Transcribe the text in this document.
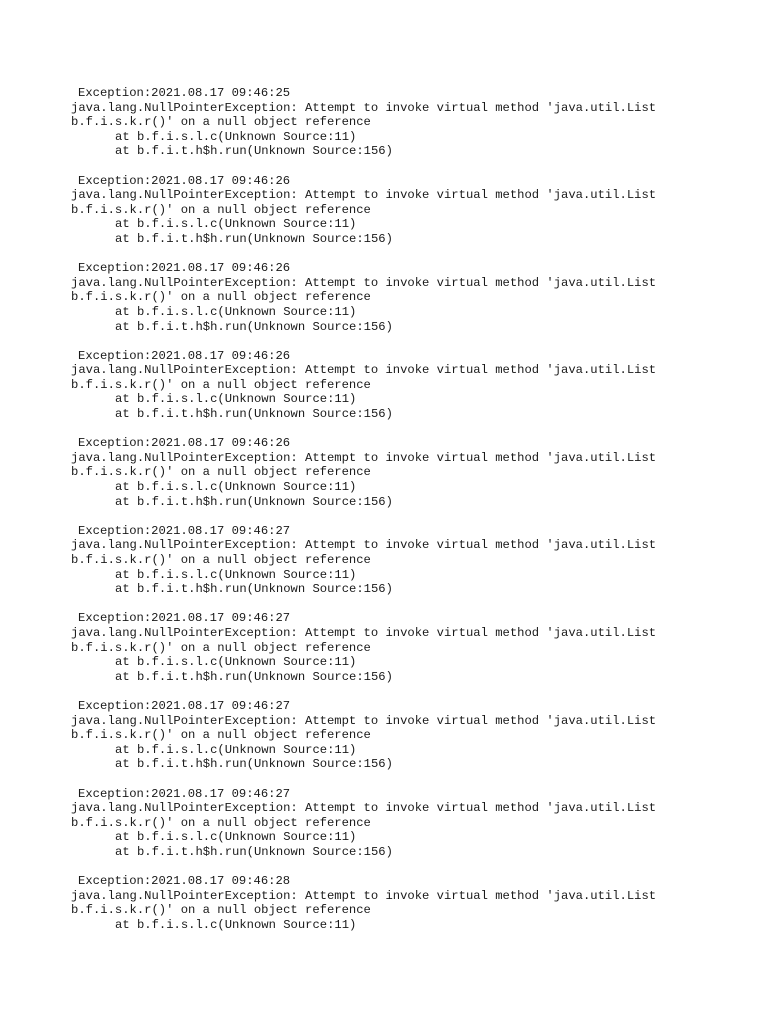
Exception:2021.08.17 09:46:25
java.lang.NullPointerException: Attempt to invoke virtual method 'java.util.List
b.f.i.s.k.r()' on a null object reference
at b.f.i.s.l.c(Unknown Source:11)
at b.f.i.t.h$h.run(Unknown Source:156)
Exception:2021.08.17 09:46:26
java.lang.NullPointerException: Attempt to invoke virtual method 'java.util.List
b.f.i.s.k.r()' on a null object reference
at b.f.i.s.l.c(Unknown Source:11)
at b.f.i.t.h$h.run(Unknown Source:156)
Exception:2021.08.17 09:46:26
java.lang.NullPointerException: Attempt to invoke virtual method 'java.util.List
b.f.i.s.k.r()' on a null object reference
at b.f.i.s.l.c(Unknown Source:11)
at b.f.i.t.h$h.run(Unknown Source:156)
Exception:2021.08.17 09:46:26
java.lang.NullPointerException: Attempt to invoke virtual method 'java.util.List
b.f.i.s.k.r()' on a null object reference
at b.f.i.s.l.c(Unknown Source:11)
at b.f.i.t.h$h.run(Unknown Source:156)
Exception:2021.08.17 09:46:26
java.lang.NullPointerException: Attempt to invoke virtual method 'java.util.List
b.f.i.s.k.r()' on a null object reference
at b.f.i.s.l.c(Unknown Source:11)
at b.f.i.t.h$h.run(Unknown Source:156)
Exception:2021.08.17 09:46:27
java.lang.NullPointerException: Attempt to invoke virtual method 'java.util.List
b.f.i.s.k.r()' on a null object reference
at b.f.i.s.l.c(Unknown Source:11)
at b.f.i.t.h$h.run(Unknown Source:156)
Exception:2021.08.17 09:46:27
java.lang.NullPointerException: Attempt to invoke virtual method 'java.util.List
b.f.i.s.k.r()' on a null object reference
at b.f.i.s.l.c(Unknown Source:11)
at b.f.i.t.h$h.run(Unknown Source:156)
Exception:2021.08.17 09:46:27
java.lang.NullPointerException: Attempt to invoke virtual method 'java.util.List
b.f.i.s.k.r()' on a null object reference
at b.f.i.s.l.c(Unknown Source:11)
at b.f.i.t.h$h.run(Unknown Source:156)
Exception:2021.08.17 09:46:27
java.lang.NullPointerException: Attempt to invoke virtual method 'java.util.List
b.f.i.s.k.r()' on a null object reference
at b.f.i.s.l.c(Unknown Source:11)
at b.f.i.t.h$h.run(Unknown Source:156)
Exception:2021.08.17 09:46:28
java.lang.NullPointerException: Attempt to invoke virtual method 'java.util.List
b.f.i.s.k.r()' on a null object reference
at b.f.i.s.l.c(Unknown Source:11)
